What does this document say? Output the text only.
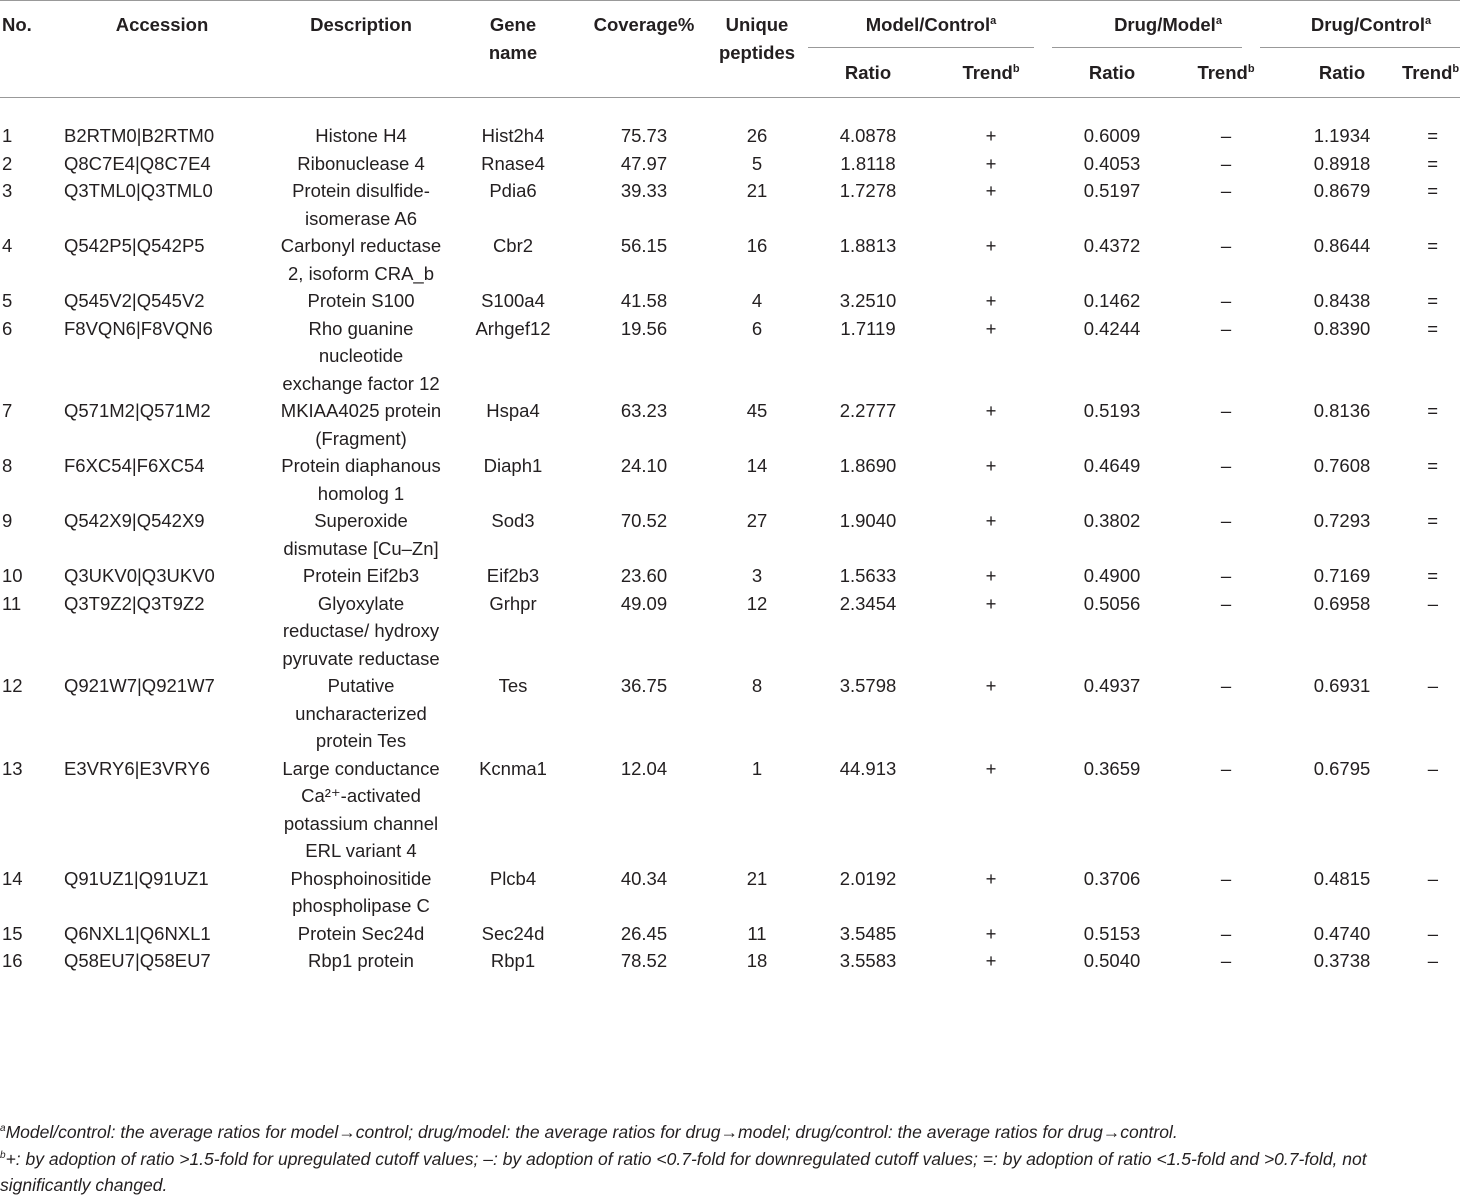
No.	Accession	Description	Gene name	Coverage%	Unique peptides	Model/Control$^a$		Drug/Model$^a$		Drug/Control$^a$
						Ratio	Trend$^b$	Ratio	Trend$^b$	Ratio	Trend$^b$
1	B2RTM0|B2RTM0	Histone H4	Hist2h4	75.73	26	4.0878	+	0.6009	–	1.1934	=
2	Q8C7E4|Q8C7E4	Ribonuclease 4	Rnase4	47.97	5	1.8118	+	0.4053	–	0.8918	=
3	Q3TML0|Q3TML0	Protein disulfide-isomerase A6	Pdia6	39.33	21	1.7278	+	0.5197	–	0.8679	=
4	Q542P5|Q542P5	Carbonyl reductase 2, isoform CRA_b	Cbr2	56.15	16	1.8813	+	0.4372	–	0.8644	=
5	Q545V2|Q545V2	Protein S100	S100a4	41.58	4	3.2510	+	0.1462	–	0.8438	=
6	F8VQN6|F8VQN6	Rho guanine nucleotide exchange factor 12	Arhgef12	19.56	6	1.7119	+	0.4244	–	0.8390	=
7	Q571M2|Q571M2	MKIAA4025 protein (Fragment)	Hspa4	63.23	45	2.2777	+	0.5193	–	0.8136	=
8	F6XC54|F6XC54	Protein diaphanous homolog 1	Diaph1	24.10	14	1.8690	+	0.4649	–	0.7608	=
9	Q542X9|Q542X9	Superoxide dismutase [Cu–Zn]	Sod3	70.52	27	1.9040	+	0.3802	–	0.7293	=
10	Q3UKV0|Q3UKV0	Protein Eif2b3	Eif2b3	23.60	3	1.5633	+	0.4900	–	0.7169	=
11	Q3T9Z2|Q3T9Z2	Glyoxylate reductase/ hydroxy pyruvate reductase	Grhpr	49.09	12	2.3454	+	0.5056	–	0.6958	–
12	Q921W7|Q921W7	Putative uncharacterized protein Tes	Tes	36.75	8	3.5798	+	0.4937	–	0.6931	–
13	E3VRY6|E3VRY6	Large conductance Ca²⁺-activated potassium channel ERL variant 4	Kcnma1	12.04	1	44.913	+	0.3659	–	0.6795	–
14	Q91UZ1|Q91UZ1	Phosphoinositide phospholipase C	Plcb4	40.34	21	2.0192	+	0.3706	–	0.4815	–
15	Q6NXL1|Q6NXL1	Protein Sec24d	Sec24d	26.45	11	3.5485	+	0.5153	–	0.4740	–
16	Q58EU7|Q58EU7	Rbp1 protein	Rbp1	78.52	18	3.5583	+	0.5040	–	0.3738	–

$^a$Model/control: the average ratios for model→control; drug/model: the average ratios for drug→model; drug/control: the average ratios for drug→control.

$^b$+: by adoption of ratio >1.5-fold for upregulated cutoff values; –: by adoption of ratio <0.7-fold for downregulated cutoff values; =: by adoption of ratio <1.5-fold and >0.7-fold, not significantly changed.
